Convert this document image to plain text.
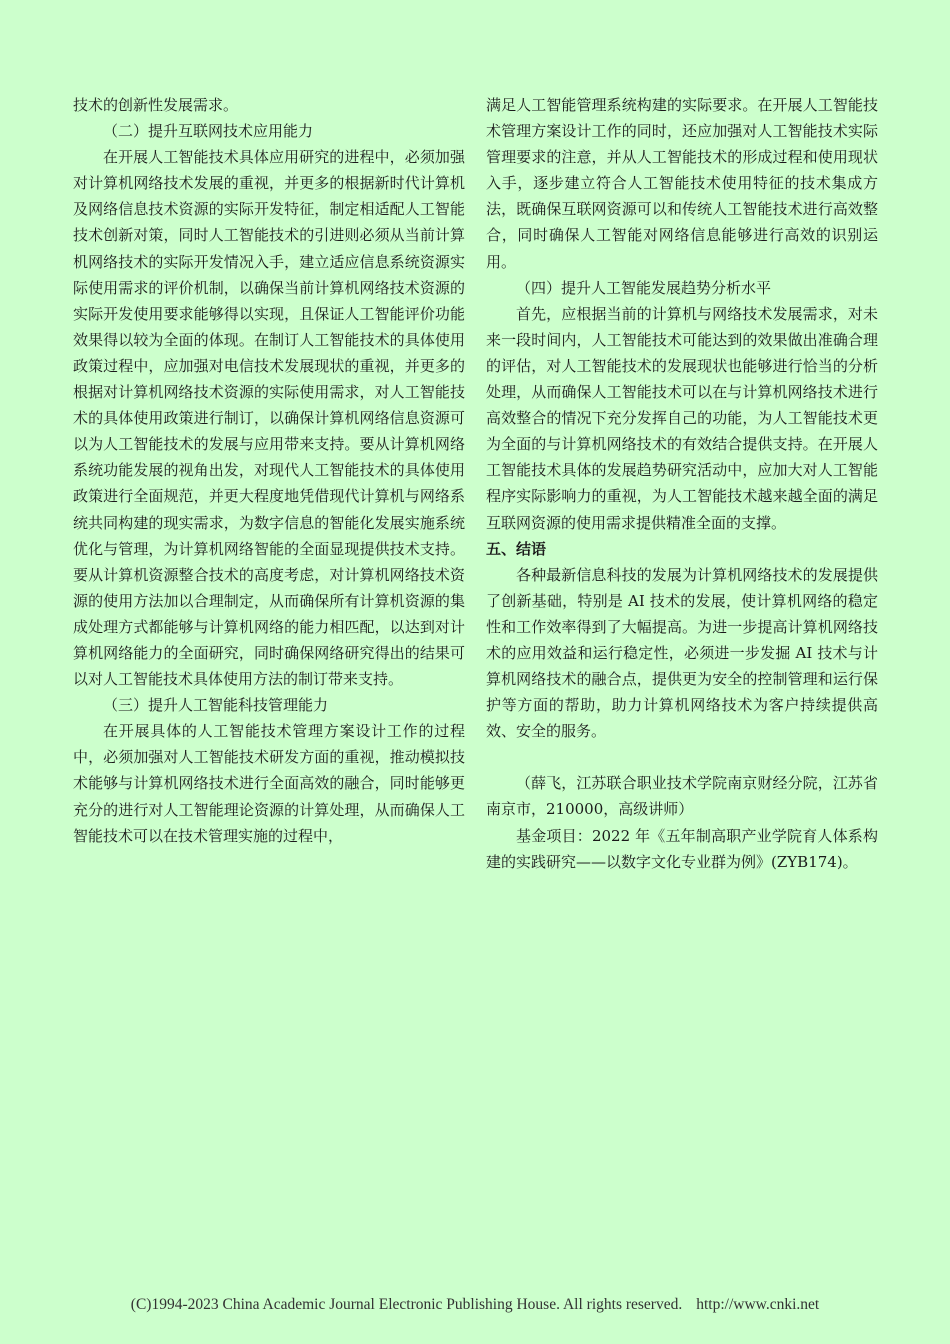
技术的创新性发展需求。

（二）提升互联网技术应用能力

在开展人工智能技术具体应用研究的进程中，必须加强对计算机网络技术发展的重视，并更多的根据新时代计算机及网络信息技术资源的实际开发特征，制定相适配人工智能技术创新对策，同时人工智能技术的引进则必须从当前计算机网络技术的实际开发情况入手，建立适应信息系统资源实际使用需求的评价机制，以确保当前计算机网络技术资源的实际开发使用要求能够得以实现，且保证人工智能评价功能效果得以较为全面的体现。在制订人工智能技术的具体使用政策过程中，应加强对电信技术发展现状的重视，并更多的根据对计算机网络技术资源的实际使用需求，对人工智能技术的具体使用政策进行制订，以确保计算机网络信息资源可以为人工智能技术的发展与应用带来支持。要从计算机网络系统功能发展的视角出发，对现代人工智能技术的具体使用政策进行全面规范，并更大程度地凭借现代计算机与网络系统共同构建的现实需求，为数字信息的智能化发展实施系统优化与管理，为计算机网络智能的全面显现提供技术支持。要从计算机资源整合技术的高度考虑，对计算机网络技术资源的使用方法加以合理制定，从而确保所有计算机资源的集成处理方式都能够与计算机网络的能力相匹配，以达到对计算机网络能力的全面研究，同时确保网络研究得出的结果可以对人工智能技术具体使用方法的制订带来支持。

（三）提升人工智能科技管理能力

在开展具体的人工智能技术管理方案设计工作的过程中，必须加强对人工智能技术研发方面的重视，推动模拟技术能够与计算机网络技术进行全面高效的融合，同时能够更充分的进行对人工智能理论资源的计算处理，从而确保人工智能技术可以在技术管理实施的过程中，

满足人工智能管理系统构建的实际要求。在开展人工智能技术管理方案设计工作的同时，还应加强对人工智能技术实际管理要求的注意，并从人工智能技术的形成过程和使用现状入手，逐步建立符合人工智能技术使用特征的技术集成方法，既确保互联网资源可以和传统人工智能技术进行高效整合，同时确保人工智能对网络信息能够进行高效的识别运用。

（四）提升人工智能发展趋势分析水平

首先，应根据当前的计算机与网络技术发展需求，对未来一段时间内，人工智能技术可能达到的效果做出准确合理的评估，对人工智能技术的发展现状也能够进行恰当的分析处理，从而确保人工智能技术可以在与计算机网络技术进行高效整合的情况下充分发挥自己的功能，为人工智能技术更为全面的与计算机网络技术的有效结合提供支持。在开展人工智能技术具体的发展趋势研究活动中，应加大对人工智能程序实际影响力的重视，为人工智能技术越来越全面的满足互联网资源的使用需求提供精准全面的支撑。

五、结语

各种最新信息科技的发展为计算机网络技术的发展提供了创新基础，特别是 AI 技术的发展，使计算机网络的稳定性和工作效率得到了大幅提高。为进一步提高计算机网络技术的应用效益和运行稳定性，必须进一步发掘 AI 技术与计算机网络技术的融合点，提供更为安全的控制管理和运行保护等方面的帮助，助力计算机网络技术为客户持续提供高效、安全的服务。

（薛飞，江苏联合职业技术学院南京财经分院，江苏省南京市，210000，高级讲师）

基金项目：2022 年《五年制高职产业学院育人体系构建的实践研究——以数字文化专业群为例》(ZYB174)。

(C)1994-2023 China Academic Journal Electronic Publishing House. All rights reserved. http://www.cnki.net
